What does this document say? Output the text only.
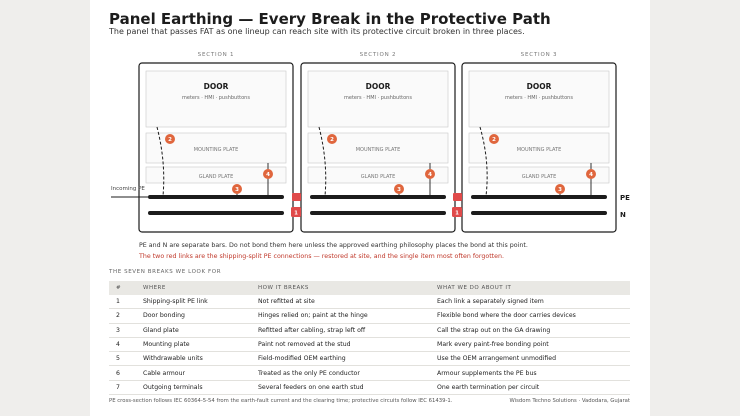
Panel Earthing — Every Break in the Protective Path
The panel that passes FAT as one lineup can reach site with its protective circuit broken in three places.
SECTION 1
DOOR
meters · HMI · pushbuttons
MOUNTING PLATE
GLAND PLATE
SECTION 2
DOOR
meters · HMI · pushbuttons
MOUNTING PLATE
GLAND PLATE
SECTION 3
DOOR
meters · HMI · pushbuttons
MOUNTING PLATE
GLAND PLATE
Incoming PE
1	1
2
3
4
2
3
4
2
3
4
PE
N
PE and N are separate bars. Do not bond them here unless the approved earthing philosophy places the bond at this point.
The two red links are the shipping-split PE connections — restored at site, and the single item most often forgotten.
THE SEVEN BREAKS WE LOOK FOR
#	WHERE	HOW IT BREAKS	WHAT WE DO ABOUT IT
1	Shipping-split PE link	Not refitted at site	Each link a separately signed item
2	Door bonding	Hinges relied on; paint at the hinge	Flexible bond where the door carries devices
3	Gland plate	Refitted after cabling, strap left off	Call the strap out on the GA drawing
4	Mounting plate	Paint not removed at the stud	Mark every paint-free bonding point
5	Withdrawable units	Field-modified OEM earthing	Use the OEM arrangement unmodified
6	Cable armour	Treated as the only PE conductor	Armour supplements the PE bus
7	Outgoing terminals	Several feeders on one earth stud	One earth termination per circuit
PE cross-section follows IEC 60364-5-54 from the earth-fault current and the clearing time; protective circuits follow IEC 61439-1.	Wisdom Techno Solutions · Vadodara, Gujarat
